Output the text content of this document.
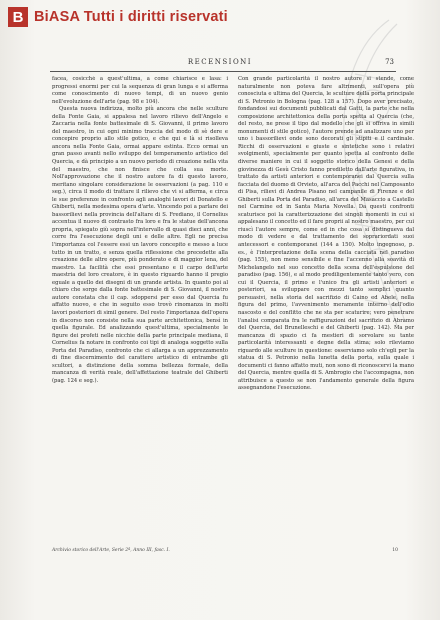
B BiASA Tutti i diritti riservati
RECENSIONI	73

facea, cosicchè a quest'ultima, a come chiarisce e lasa: i progressi enormi per cui la sequenza di gran lunga e si afferma come conoscimento di nuovo tempi, di un nuovo genio nell'evoluzione dell'arte (pag. 98 e 104).

Questa nuova indirizza, molto più ancora che nelle sculture della Fonte Gaia, si appalesa nel lavoro rilievo dell'Angelo e Zaccaria nella fonte battesimale di S. Giovanni, il primo lavoro del maestro, in cui ogni minimo traccia del modo di sè dere e concepire proprio allo stile gotico, e che qui e là si risolleva ancora nella Fonte Gaia, ormai appare estinta. Ecco ormai un gran passo avanti nello sviluppo del temperamento artistico del Quercia, e dà principio a un nuovo periodo di creazione nella vita del maestro, che non finisce che colla sua morte. Noll'approvazione che il nostro autore fa di questo lavoro, meritano singolare considerazione le osservazioni (a pag. 110 e seg.), circa il modo di trattare il rilievo che vi si afferma, e circa le sue preferenze in confronto agli analoghi lavori di Donatello e Ghiberti, nella medesima opera d'arte. Vincendo poi a parlare dei bassorilievi nella provincia dell'altare di S. Frediano, il Cornelius accentua il nuovo di contrasto fra loro e fra le statue dell'ancona propria, spiegato giù sopra nell'intervallo di quasi dieci anni, che corre fra l'esecuzione degli uni e delle altre. Egli ne precisa l'importanza col l'essere essi un lavoro concepito e messo a luce tutto in un tratto, e senza quella riflessione che precedette alla creazione delle altre opere, più ponderato e di maggior lena, del maestro. La facilità che essi presentano e il carpo dell'arte maestria del loro creatore, è in questo riguardo hanno il pregio eguale a quello dei disegni di un grande artista. In quanto poi al chiaro che sorge dalla fonte battesimale di S. Giovanni, il nostro autore constata che il cap. sdoppersi per esso dal Quercia fu affatto nuovo, e che in seguito esso trovò rinomanza in molti lavori posteriori di simil genere. Del resto l'importanza dell'opera in discorso non consiste nella sua parte architettonica, bensì in quella figurale. Ed analizzando quest'ultima, specialmente le figure dei profeti nelle nicchie della parte principale mediana, il Cornelius fa notare in confronto coi tipi di analoga soggetto sulla Porta del Paradiso, confronto che ci allarga a un apprezzamento di fine discernimento del carattere artistico di entrambe gli scultori, a distinzione della somma bellezza formale, della mancanza di verità reale, dell'affettazione teatrale del Ghiberti (pag. 124 e seg.).

Con grande particolarità il nostro autore si stende, come naturalmente non poteva fare altrimenti, sull'opera più conosciuta e ultima del Quercia, le sculture della porta principale di S. Petronio in Bologna (pag. 128 a 157). Dopo aver precisato, fondandosi sui documenti pubblicati dal Gatti, la parte che nella composizione architettonica della porta spetta al Quercia (che, del resto, ne prese il tipo dal modello che gli si offriva in simili monumenti di stile gotico), l'autore prende ad analizzare uno per uno i bassorilievi onde sono decorati gli stipiti e il cardinale. Ricchi di osservazioni e giuste e sintetiche sono i relativi svolgimenti, specialmente per quanto spetta al confronto delle diverse maniere in cui il soggetto storico della Genesi e della giovinezza di Gesù Cristo fanno prediletto dall'arte figurativa, in trattato da artisti anteriori e contemporanei dal Quercia sulla facciata del duomo di Orvieto, all'arca del Pacchi nel Camposanto di Pisa, rilievi di Andrea Pisano nel campanile di Firenze e del Ghiberti sulla Porta del Paradiso, all'arca del Masaccio a Castello nel Carmine ed in Santa Maria Novella. Da questi confronti scaturisce poi la caratterizzazione dei singoli momenti in cui si appalesano il concetto ed il fare proprii al nostro maestro, per cui riuscì l'autore sempre, come ed in che cosa si distingueva dal modo di vedere e dal trattamento dei soprariordati suoi antecessori e contemporanei (144 a 150). Molto ingegnoso, p. es., è l'interpretazione della scena della cacciata nel paradiso (pag. 155), non meno sensibile e fine l'accenno alla soavità di Michelangelo nel suo concetto della scena dell'espulsione del paradiso (pag. 156), e al modo prediligentemente tanto vero, con cui il Quercia, il primo e l'unico fra gli artisti anteriori e posteriori, sa sviluppare con mezzi tanto semplici quanto persuasivi, nella storia del sacrifizio di Caino ed Abele, nella figura del primo, l'avvenimento meramente interno dell'odio nascosto e del conflitto che ne sta per scaturire; vero penetrare l'analisi comparata fra le raffigurazioni del sacrifizio di Abramo del Quercia, del Brunelleschi e del Ghiberti (pag. 142). Ma per mancanza di spazio ci fa mestieri di sorvolare su tante particolarità interessanti e degne della stima; solo rileviamo riguardo alle sculture in questione: osserviamo solo ch'egli per la statua di S. Petronio nella lunetta della porta, sulla quale i documenti ci fanno affatto muti, non sono di riconoscervi la mano del Quercia, mentre quella di S. Ambrogio che l'accompagna, non attribuisce a questo se non l'andamento generale della figura assegnandone l'esecuzione.

Archivio storico dell'Arte, Serie 2ª, Anno III, fasc. I.	10
